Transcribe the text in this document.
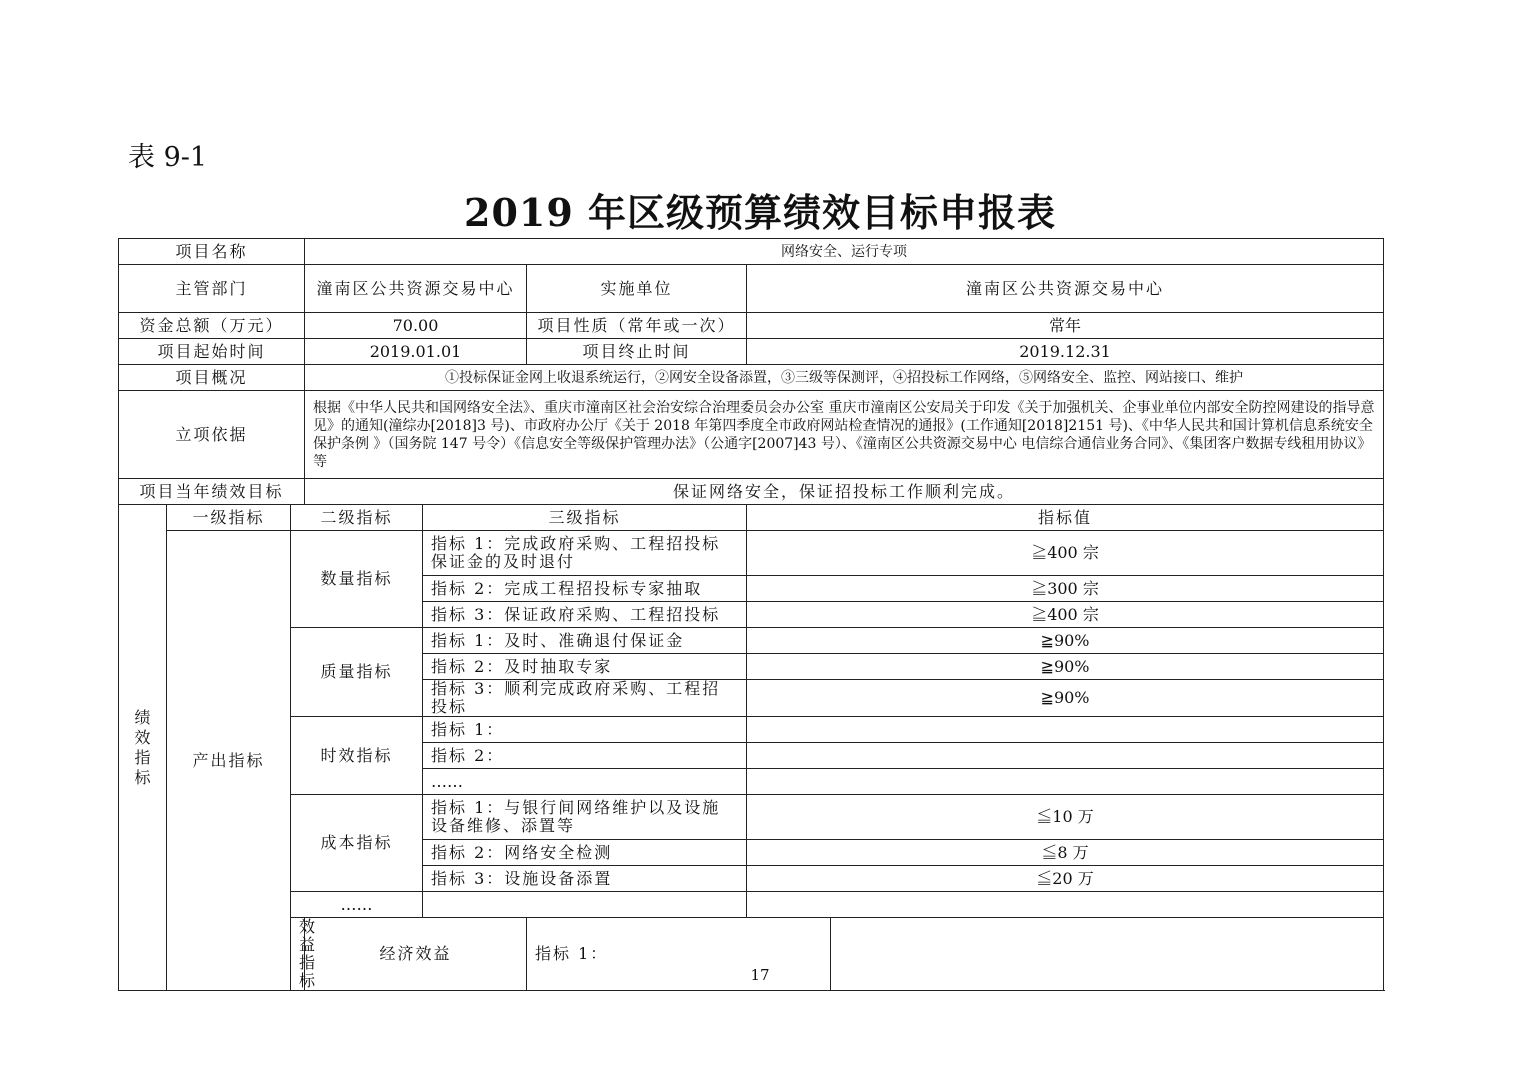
表 9-1
2019 年区级预算绩效目标申报表
项目名称			网络安全、运行专项				
主管部门			潼南区公共资源交易中心		实施单位	潼南区公共资源交易中心	
资金总额（万元）			70.00		项目性质（常年或一次）	常年	
项目起始时间			2019.01.01		项目终止时间	2019.12.31	
项目概况			①投标保证金网上收退系统运行，②网安全设备添置，③三级等保测评，④招投标工作网络，⑤网络安全、监控、网站接口、维护				
立项依据			根据《中华人民共和国网络安全法》、重庆市潼南区社会治安综合治理委员会办公室 重庆市潼南区公安局关于印发《关于加强机关、企事业单位内部安全防控网建设的指导意见》的通知(潼综办[2018]3 号)、市政府办公厅《关于 2018 年第四季度全市政府网站检查情况的通报》(工作通知[2018]2151 号)、《中华人民共和国计算机信息系统安全保护条例 》（国务院 147 号令）《信息安全等级保护管理办法》（公通字[2007]43 号）、《潼南区公共资源交易中心 电信综合通信业务合同》、《集团客户数据专线租用协议》等				
项目当年绩效目标			保证网络安全，保证招投标工作顺利完成。				

绩
效
指
标	一级指标	二级指标		三级指标		指标值	
	产出指标	数量指标		指标 1：完成政府采购、工程招投标保证金的及时退付		≧400 宗	
				指标 2：完成工程招投标专家抽取		≧300 宗	
				指标 3：保证政府采购、工程招投标		≧400 宗	
		质量指标		指标 1：及时、准确退付保证金		≧90%	
				指标 2：及时抽取专家		≧90%	
				指标 3：顺利完成政府采购、工程招投标		≧90%	
		时效指标		指标 1：			
				指标 2：			
				……			
		成本指标		指标 1：与银行间网络维护以及设施设备维修、添置等		≦10 万	
				指标 2：网络安全检测		≦8 万	
				指标 3：设施设备添置		≦20 万	
		……					
		效益指标	经济效益		指标 1：		
17
